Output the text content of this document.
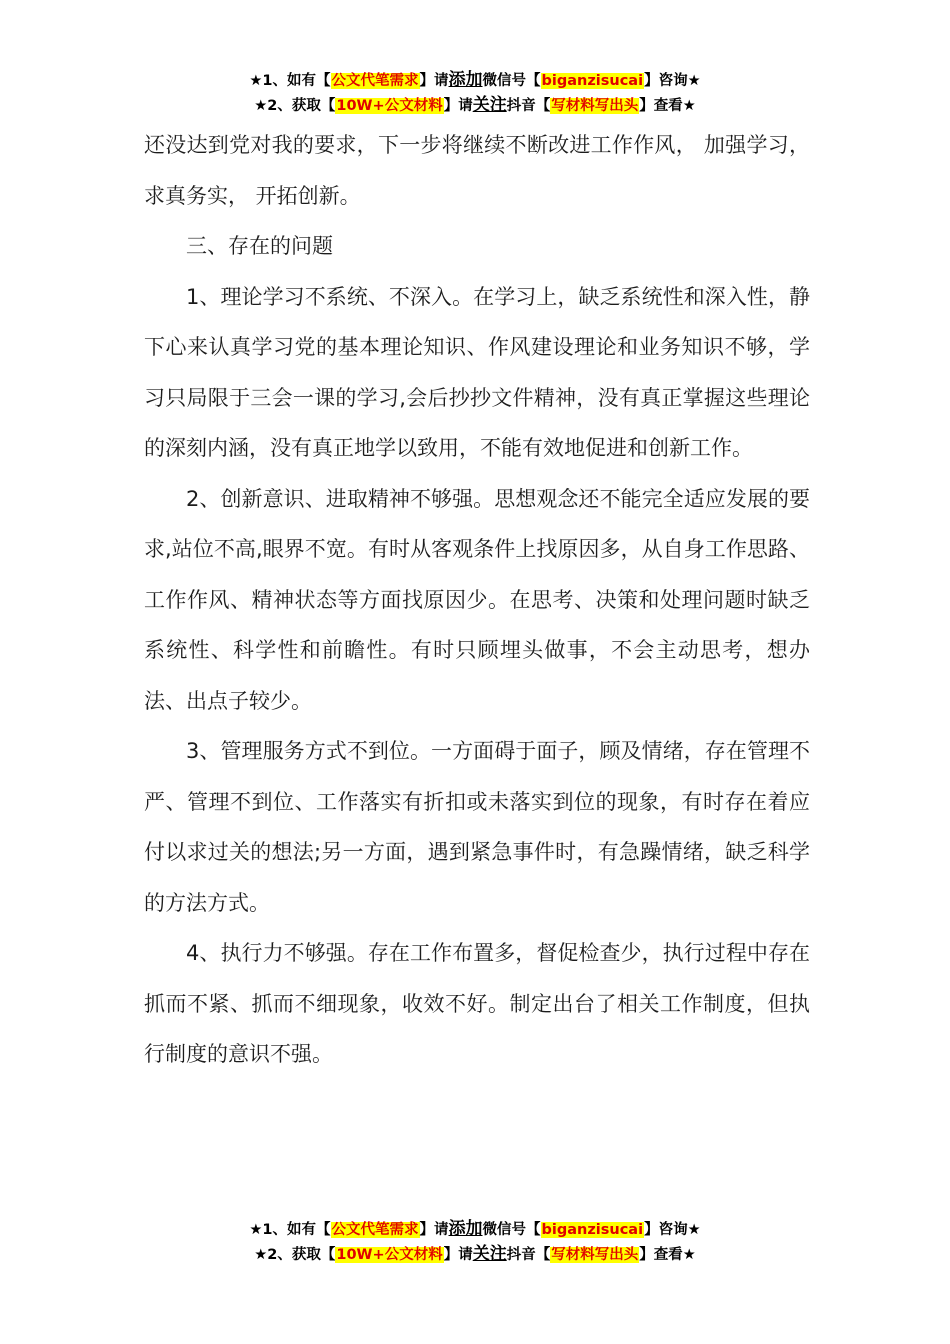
★1、如有【公文代笔需求】请添加微信号【biganzisucai】咨询★
★2、获取【10W+公文材料】请关注抖音【写材料写出头】查看★

还没达到党对我的要求，下一步将继续不断改进工作作风， 加强学习， 求真务实， 开拓创新。

三、存在的问题

1、理论学习不系统、不深入。在学习上，缺乏系统性和深入性，静下心来认真学习党的基本理论知识、作风建设理论和业务知识不够，学习只局限于三会一课的学习,会后抄抄文件精神，没有真正掌握这些理论的深刻内涵，没有真正地学以致用，不能有效地促进和创新工作。

2、创新意识、进取精神不够强。思想观念还不能完全适应发展的要求,站位不高,眼界不宽。有时从客观条件上找原因多，从自身工作思路、工作作风、精神状态等方面找原因少。在思考、决策和处理问题时缺乏系统性、科学性和前瞻性。有时只顾埋头做事，不会主动思考，想办法、出点子较少。

3、管理服务方式不到位。一方面碍于面子，顾及情绪，存在管理不严、管理不到位、工作落实有折扣或未落实到位的现象，有时存在着应付以求过关的想法;另一方面，遇到紧急事件时，有急躁情绪，缺乏科学的方法方式。

4、执行力不够强。存在工作布置多，督促检查少，执行过程中存在抓而不紧、抓而不细现象，收效不好。制定出台了相关工作制度，但执行制度的意识不强。

★1、如有【公文代笔需求】请添加微信号【biganzisucai】咨询★
★2、获取【10W+公文材料】请关注抖音【写材料写出头】查看★
